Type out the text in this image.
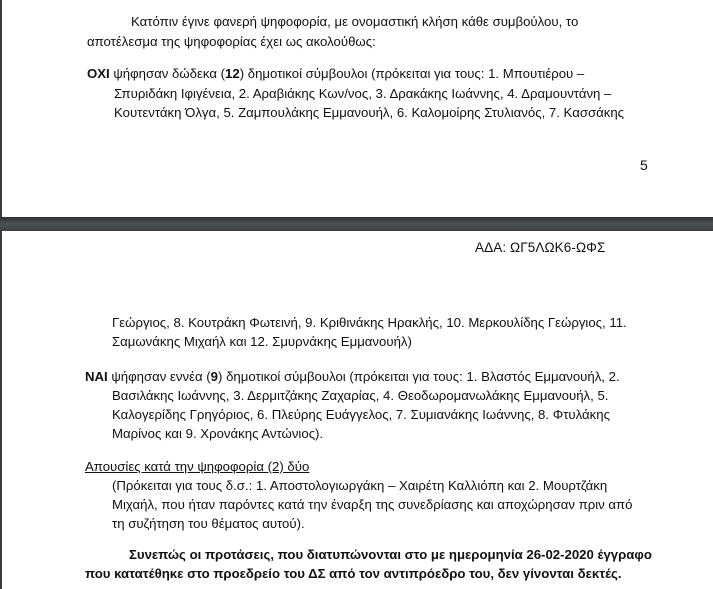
Κατόπιν έγινε φανερή ψηφοφορία, με ονομαστική κλήση κάθε συμβούλου, το
αποτέλεσμα της ψηφοφορίας έχει ως ακολούθως:
ΟΧΙ ψήφησαν δώδεκα (12) δημοτικοί σύμβουλοι (πρόκειται για τους: 1. Μπουτιέρου –
Σπυριδάκη Ιφιγένεια, 2. Αραβιάκης Κων/νος, 3. Δρακάκης Ιωάννης, 4. Δραμουντάνη –
Κουτεντάκη Όλγα, 5. Ζαμπουλάκης Εμμανουήλ, 6. Καλομοίρης Στυλιανός, 7. Κασσάκης
5
ΑΔΑ: ΩΓ5ΛΩΚ6-ΩΦΣ
Γεώργιος, 8. Κουτράκη Φωτεινή, 9. Κριθινάκης Ηρακλής, 10. Μερκουλίδης Γεώργιος, 11.
Σαμωνάκης Μιχαήλ και 12. Σμυρνάκης Εμμανουήλ)
ΝΑΙ ψήφησαν εννέα (9) δημοτικοί σύμβουλοι (πρόκειται για τους: 1. Βλαστός Εμμανουήλ, 2.
Βασιλάκης Ιωάννης, 3. Δερμιτζάκης Ζαχαρίας, 4. Θεοδωρομανωλάκης Εμμανουήλ, 5.
Καλογερίδης Γρηγόριος, 6. Πλεύρης Ευάγγελος, 7. Συμιανάκης Ιωάννης, 8. Φτυλάκης
Μαρίνος και 9. Χρονάκης Αντώνιος).
Απουσίες κατά την ψηφοφορία (2) δύο
(Πρόκειται για τους δ.σ.: 1. Αποστολογιωργάκη – Χαιρέτη Καλλιόπη και 2. Μουρτζάκη
Μιχαήλ, που ήταν παρόντες κατά την έναρξη της συνεδρίασης και αποχώρησαν πριν από
τη συζήτηση του θέματος αυτού).
Συνεπώς οι προτάσεις, που διατυπώνονται στο με ημερομηνία 26-02-2020 έγγραφο
που κατατέθηκε στο προεδρείο του ΔΣ από τον αντιπρόεδρο του, δεν γίνονται δεκτές.
